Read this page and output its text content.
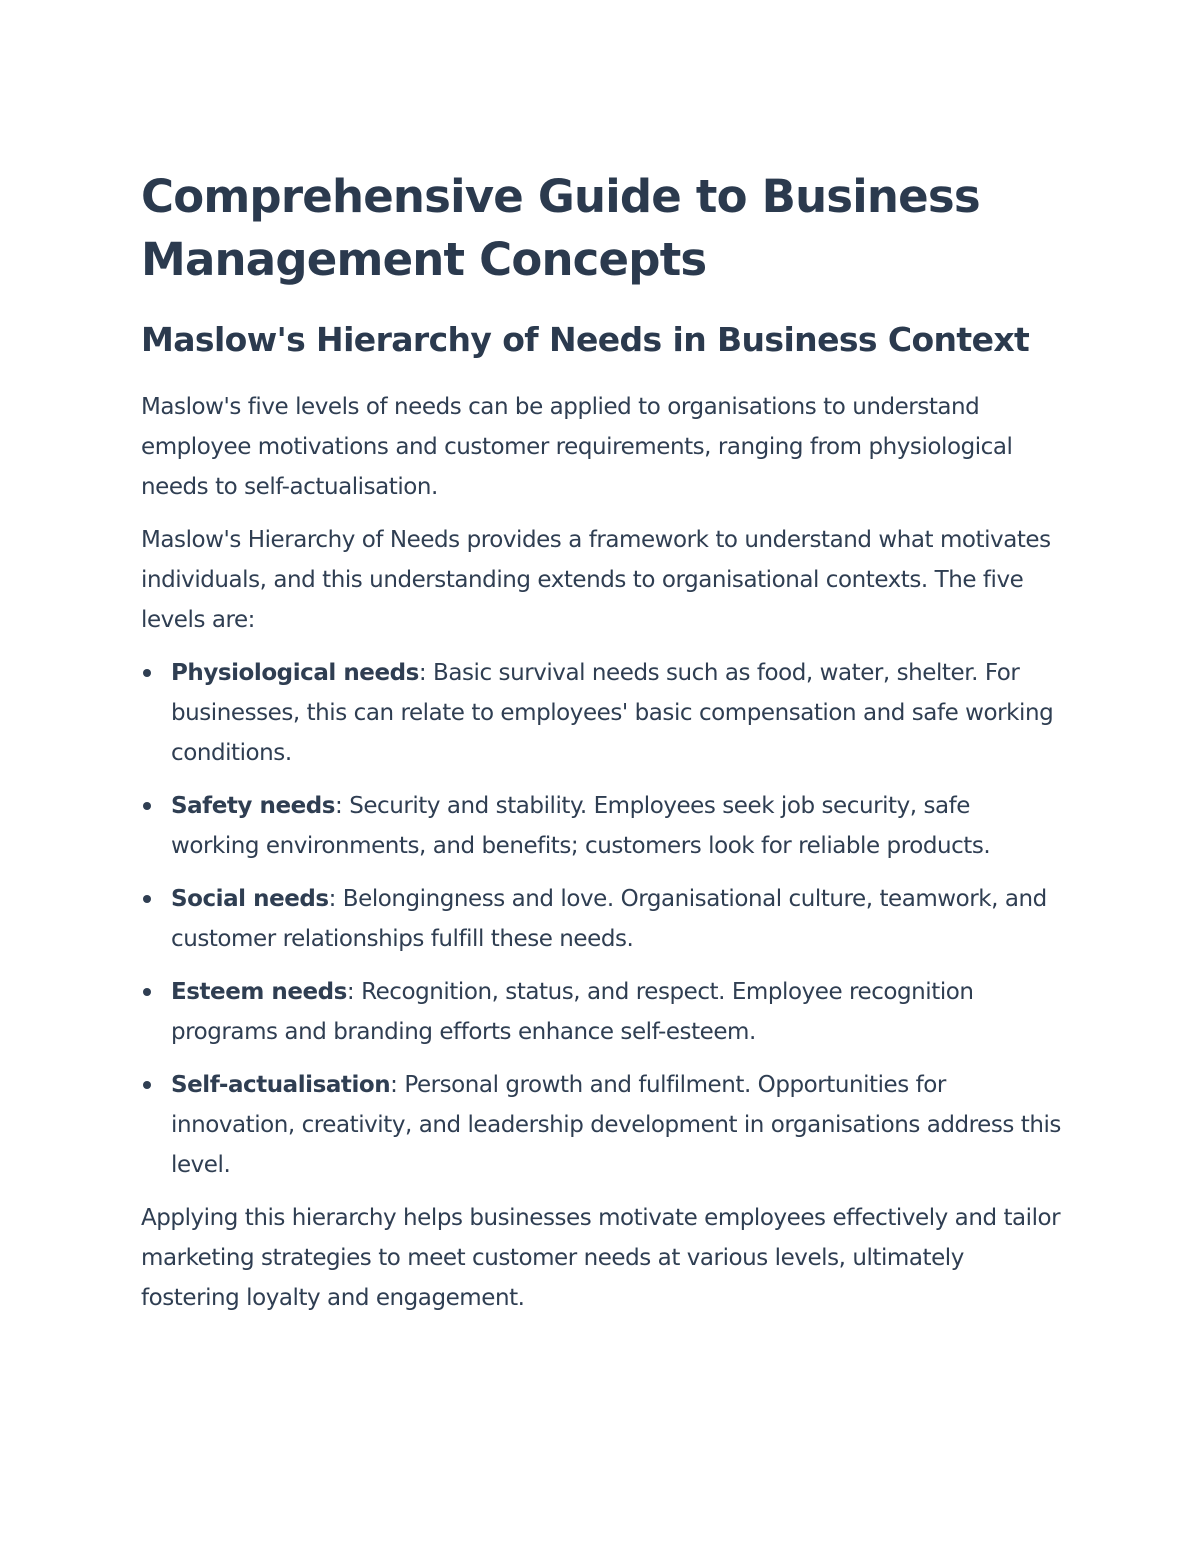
Comprehensive Guide to Business Management Concepts
Maslow's Hierarchy of Needs in Business Context

Maslow's five levels of needs can be applied to organisations to understand employee motivations and customer requirements, ranging from physiological needs to self-actualisation.

Maslow's Hierarchy of Needs provides a framework to understand what motivates individuals, and this understanding extends to organisational contexts. The five levels are:

Physiological needs: Basic survival needs such as food, water, shelter. For businesses, this can relate to employees' basic compensation and safe working conditions.
Safety needs: Security and stability. Employees seek job security, safe working environments, and benefits; customers look for reliable products.
Social needs: Belongingness and love. Organisational culture, teamwork, and customer relationships fulfill these needs.
Esteem needs: Recognition, status, and respect. Employee recognition programs and branding efforts enhance self-esteem.
Self-actualisation: Personal growth and fulfilment. Opportunities for innovation, creativity, and leadership development in organisations address this level.

Applying this hierarchy helps businesses motivate employees effectively and tailor marketing strategies to meet customer needs at various levels, ultimately fostering loyalty and engagement.
